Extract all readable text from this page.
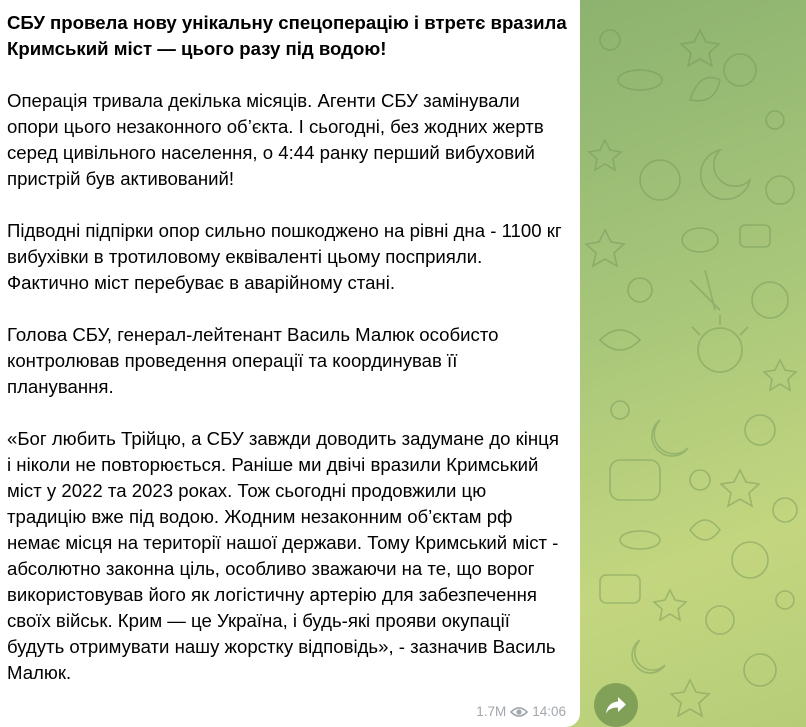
СБУ провела нову унікальну спецоперацію і втретє вразила Кримський міст — цього разу під водою!

Операція тривала декілька місяців. Агенти СБУ замінували опори цього незаконного об’єкта. І сьогодні, без жодних жертв серед цивільного населення, о 4:44 ранку перший вибуховий пристрій був активований!

Підводні підпірки опор сильно пошкоджено на рівні дна - 1100 кг вибухівки в тротиловому еквіваленті цьому посприяли. Фактично міст перебуває в аварійному стані.

Голова СБУ, генерал-лейтенант Василь Малюк особисто контролював проведення операції та координував її планування.

«Бог любить Трійцю, а СБУ завжди доводить задумане до кінця і ніколи не повторюється. Раніше ми двічі вразили Кримський міст у 2022 та 2023 роках. Тож сьогодні продовжили цю традицію вже під водою. Жодним незаконним об’єктам рф немає місця на території нашої держави. Тому Кримський міст - абсолютно законна ціль, особливо зважаючи на те, що ворог використовував його як логістичну артерію для забезпечення своїх військ. Крим — це Україна, і будь-які прояви окупації будуть отримувати нашу жорстку відповідь», - зазначив Василь Малюк.

1.7M 14:06
